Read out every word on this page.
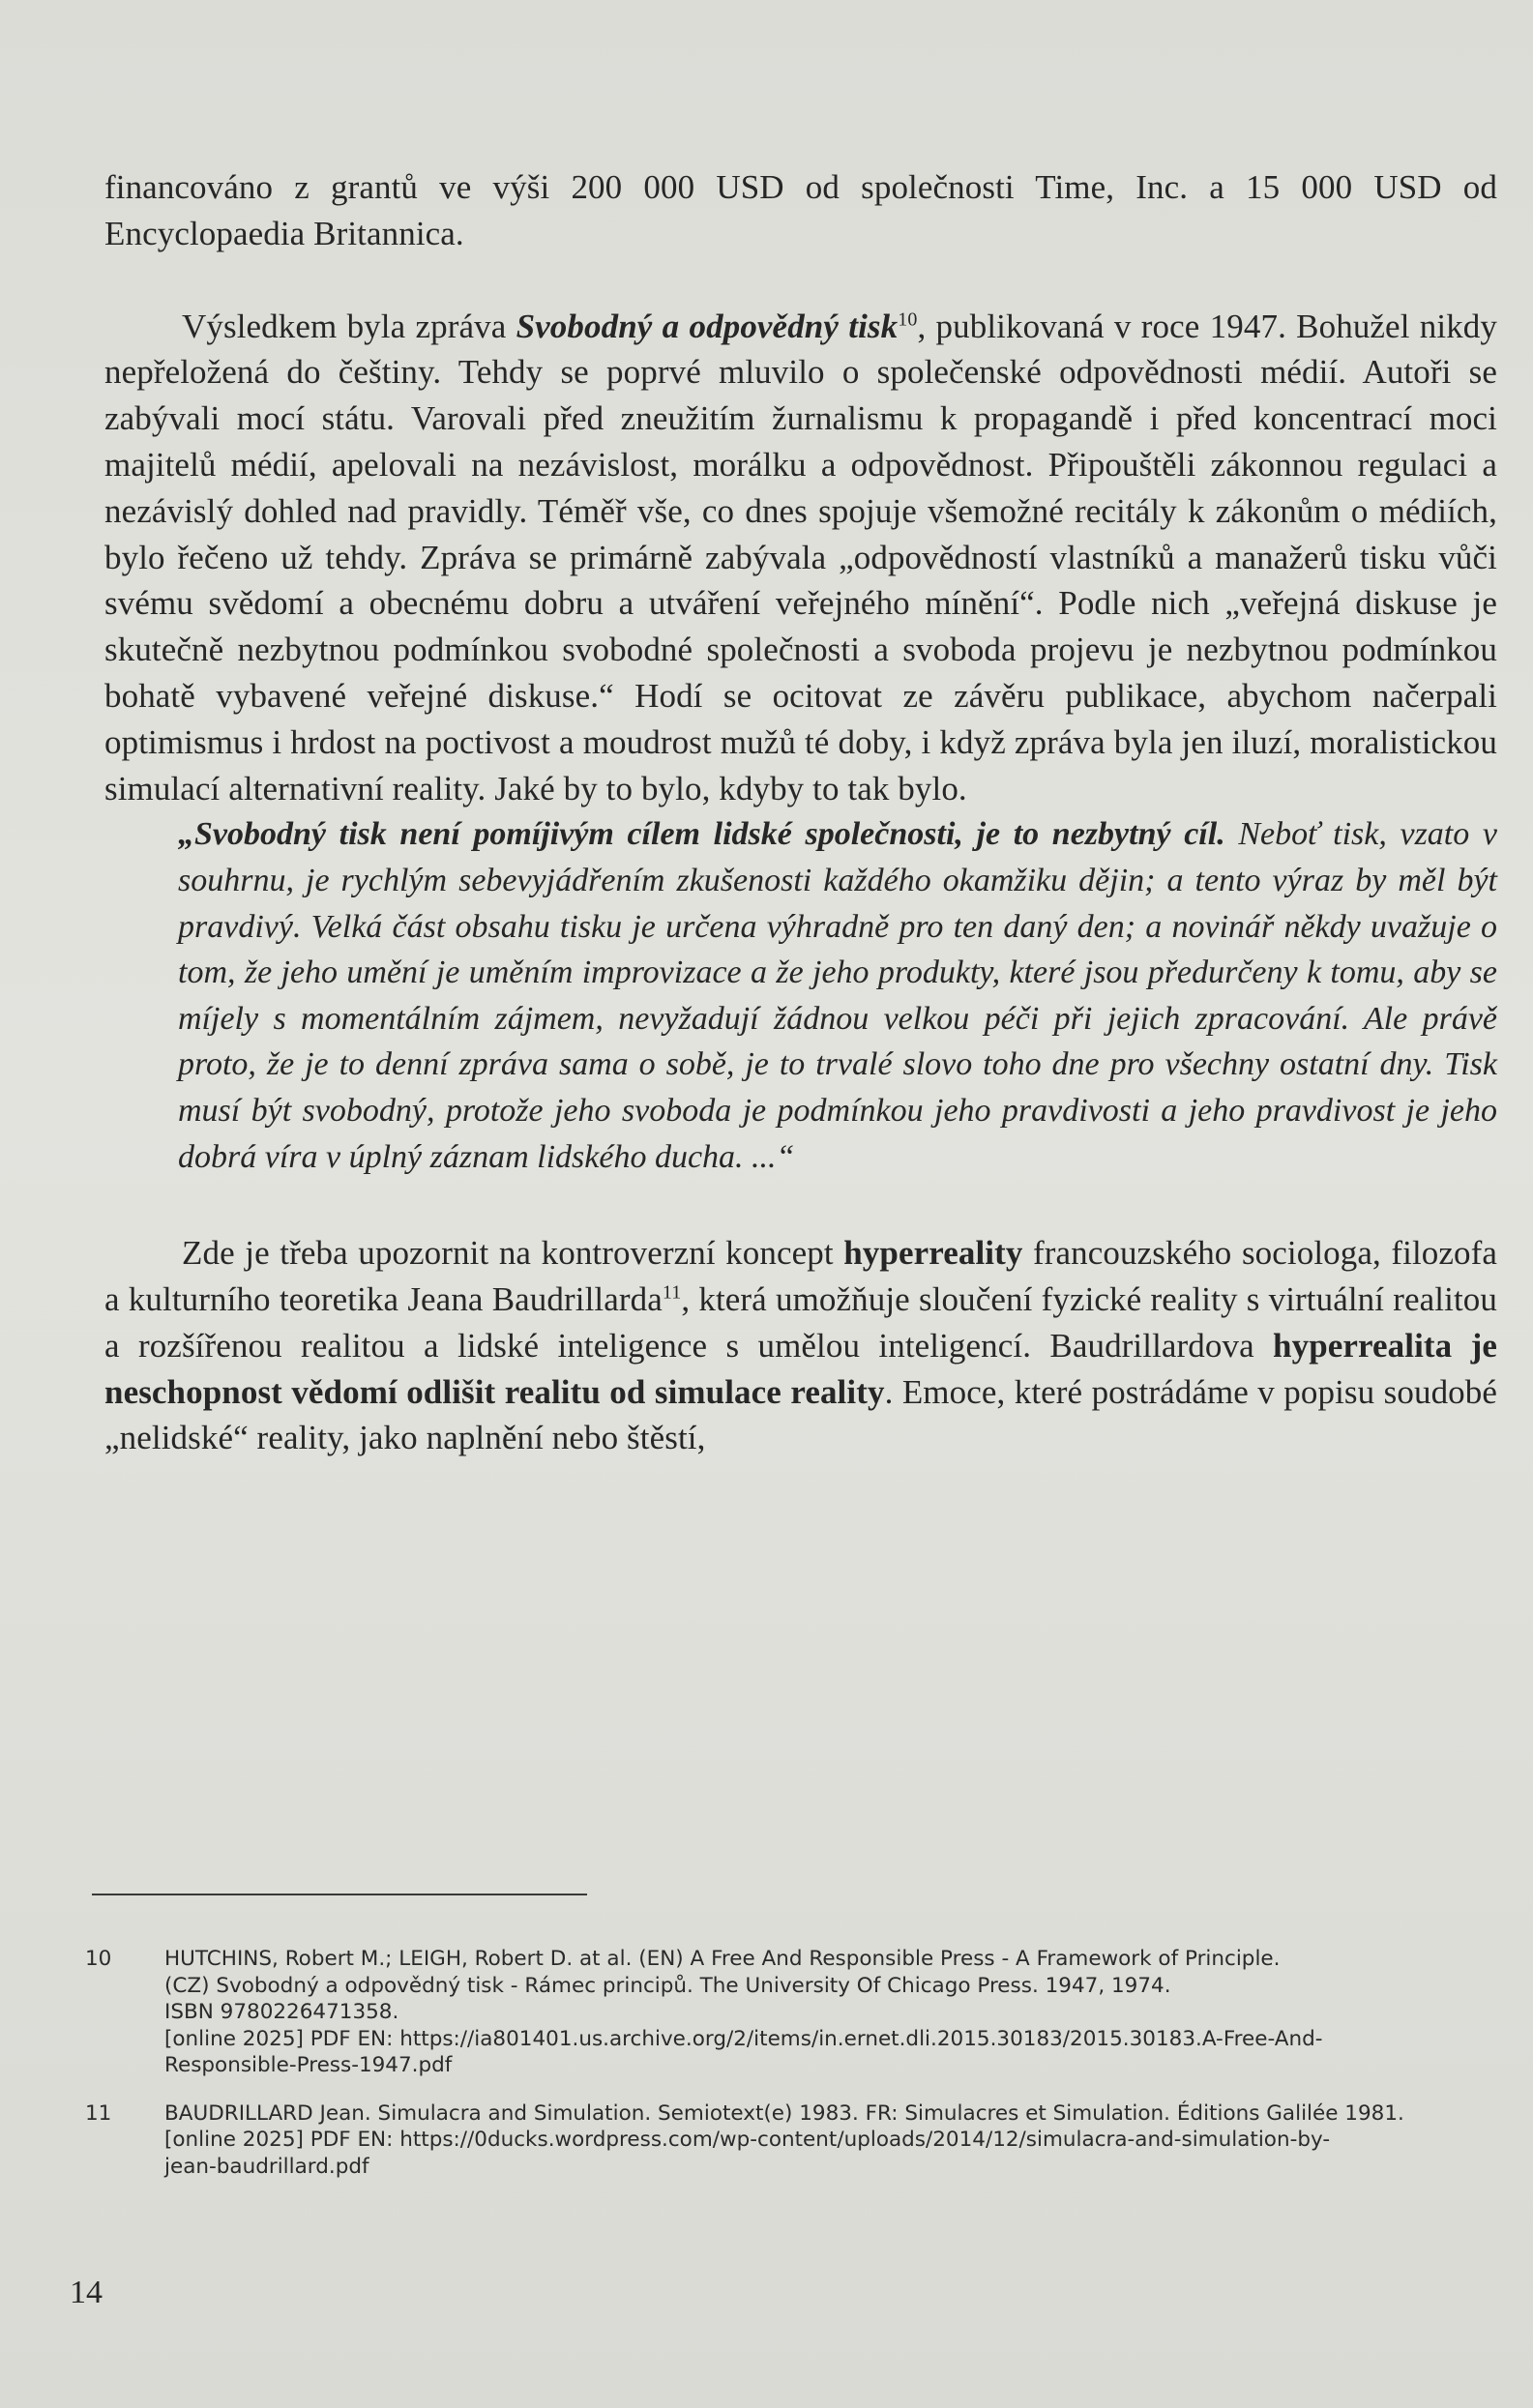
financováno z grantů ve výši 200 000 USD od společnosti Time, Inc. a 15 000 USD od Encyclopaedia Britannica.

Výsledkem byla zpráva Svobodný a odpovědný tisk$^{10}$, publikovaná v roce 1947. Bohužel nikdy nepřeložená do češtiny. Tehdy se poprvé mluvilo o společenské odpovědnosti médií. Autoři se zabývali mocí státu. Varovali před zneužitím žurnalismu k propagandě i před koncentrací moci majitelů médií, apelovali na nezávislost, morálku a odpovědnost. Připouštěli zákonnou regulaci a nezávislý dohled nad pravidly. Téměř vše, co dnes spojuje všemožné recitály k zákonům o médiích, bylo řečeno už tehdy. Zpráva se primárně zabývala „odpovědností vlastníků a manažerů tisku vůči svému svědomí a obecnému dobru a utváření veřejného mínění“. Podle nich „veřejná diskuse je skutečně nezbytnou podmínkou svobodné společnosti a svoboda projevu je nezbytnou podmínkou bohatě vybavené veřejné diskuse.“ Hodí se ocitovat ze závěru publikace, abychom načerpali optimismus i hrdost na poctivost a moudrost mužů té doby, i když zpráva byla jen iluzí, moralistickou simulací alternativní reality. Jaké by to bylo, kdyby to tak bylo.

„Svobodný tisk není pomíjivým cílem lidské společnosti, je to nezbytný cíl. Neboť tisk, vzato v souhrnu, je rychlým sebevyjádřením zkušenosti každého okamžiku dějin; a tento výraz by měl být pravdivý. Velká část obsahu tisku je určena výhradně pro ten daný den; a novinář někdy uvažuje o tom, že jeho umění je uměním improvizace a že jeho produkty, které jsou předurčeny k tomu, aby se míjely s momentálním zájmem, nevyžadují žádnou velkou péči při jejich zpracování. Ale právě proto, že je to denní zpráva sama o sobě, je to trvalé slovo toho dne pro všechny ostatní dny. Tisk musí být svobodný, protože jeho svoboda je podmínkou jeho pravdivosti a jeho pravdivost je jeho dobrá víra v úplný záznam lidského ducha. ...“

Zde je třeba upozornit na kontroverzní koncept hyperreality francouzského sociologa, filozofa a kulturního teoretika Jeana Baudrillarda$^{11}$, která umožňuje sloučení fyzické reality s virtuální realitou a rozšířenou realitou a lidské inteligence s umělou inteligencí. Baudrillardova hyperrealita je neschopnost vědomí odlišit realitu od simulace reality. Emoce, které postrádáme v popisu soudobé „nelidské“ reality, jako naplnění nebo štěstí,

10	HUTCHINS, Robert M.; LEIGH, Robert D. at al. (EN) A Free And Responsible Press - A Framework of Principle.
(CZ) Svobodný a odpovědný tisk - Rámec principů. The University Of Chicago Press. 1947, 1974.
ISBN 9780226471358.
[online 2025] PDF EN: https://ia801401.us.archive.org/2/items/in.ernet.dli.2015.30183/2015.30183.A-Free-And-
Responsible-Press-1947.pdf
11	BAUDRILLARD Jean. Simulacra and Simulation. Semiotext(e) 1983. FR: Simulacres et Simulation. Éditions Galilée 1981.
[online 2025] PDF EN: https://0ducks.wordpress.com/wp-content/uploads/2014/12/simulacra-and-simulation-by-
jean-baudrillard.pdf
14
